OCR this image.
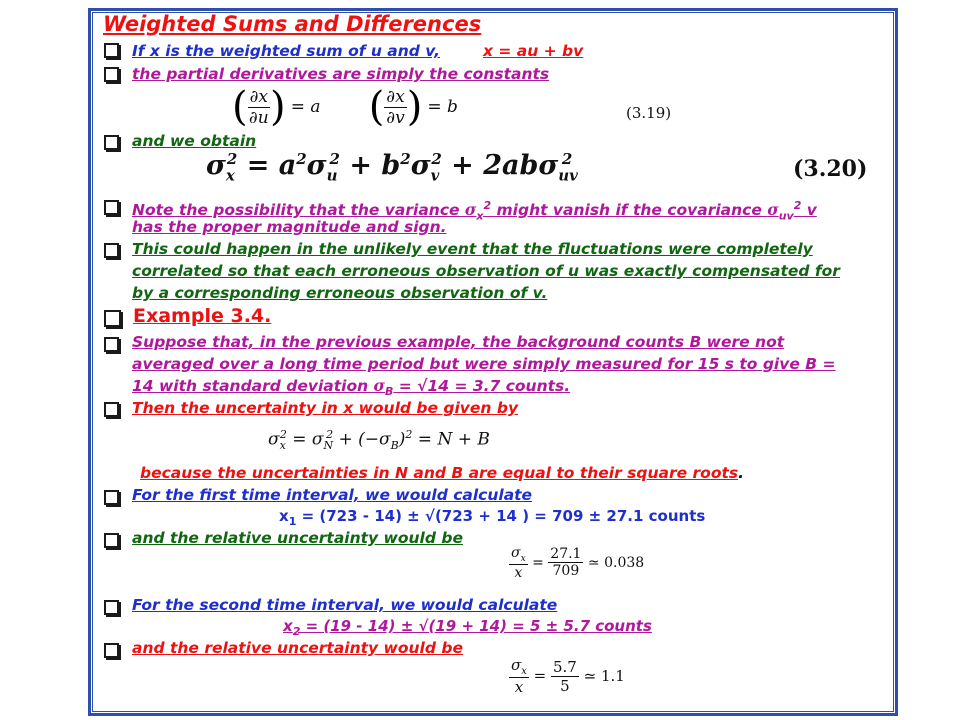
Weighted Sums and Differences
If x is the weighted sum of u and v,	x = au + bv
the partial derivatives are simply the constants
( $\frac{\partial x}{\partial u}$ ) = a ( $\frac{\partial x}{\partial v}$ ) = b	(3.19)
and we obtain
$\sigma_x^2 = a^2\sigma_u^2 + b^2\sigma_v^2 + 2ab\sigma_{uv}^2$	(3.20)
Note the possibility that the variance $\sigma_x^2$ might vanish if the covariance $\sigma_{uv}^2$ v
has the proper magnitude and sign.
This could happen in the unlikely event that the fluctuations were completely
correlated so that each erroneous observation of u was exactly compensated for
by a corresponding erroneous observation of v.
Example 3.4.
Suppose that, in the previous example, the background counts B were not
averaged over a long time period but were simply measured for 15 s to give B =
14 with standard deviation $\sigma_B = √14 = 3.7$ counts.
Then the uncertainty in x would be given by
$\sigma_x^2 = \sigma_N^2 + (-\sigma_B)^2 = N + B$
because the uncertainties in N and B are equal to their square roots.
For the first time interval, we would calculate
$x_1 = (723 - 14) \pm √(723 + 14$ ) = 709 ± 27.1 counts
and the relative uncertainty would be
$\frac{\sigma_x}{x} = \frac{27.1}{709}$ ≃ 0.038
For the second time interval, we would calculate
$x_2 = (19 - 14) \pm √(19 + 14) = 5 \pm 5.7$ counts
and the relative uncertainty would be
$\frac{\sigma_x}{x} = \frac{5.7}{5}$ ≃ 1.1
